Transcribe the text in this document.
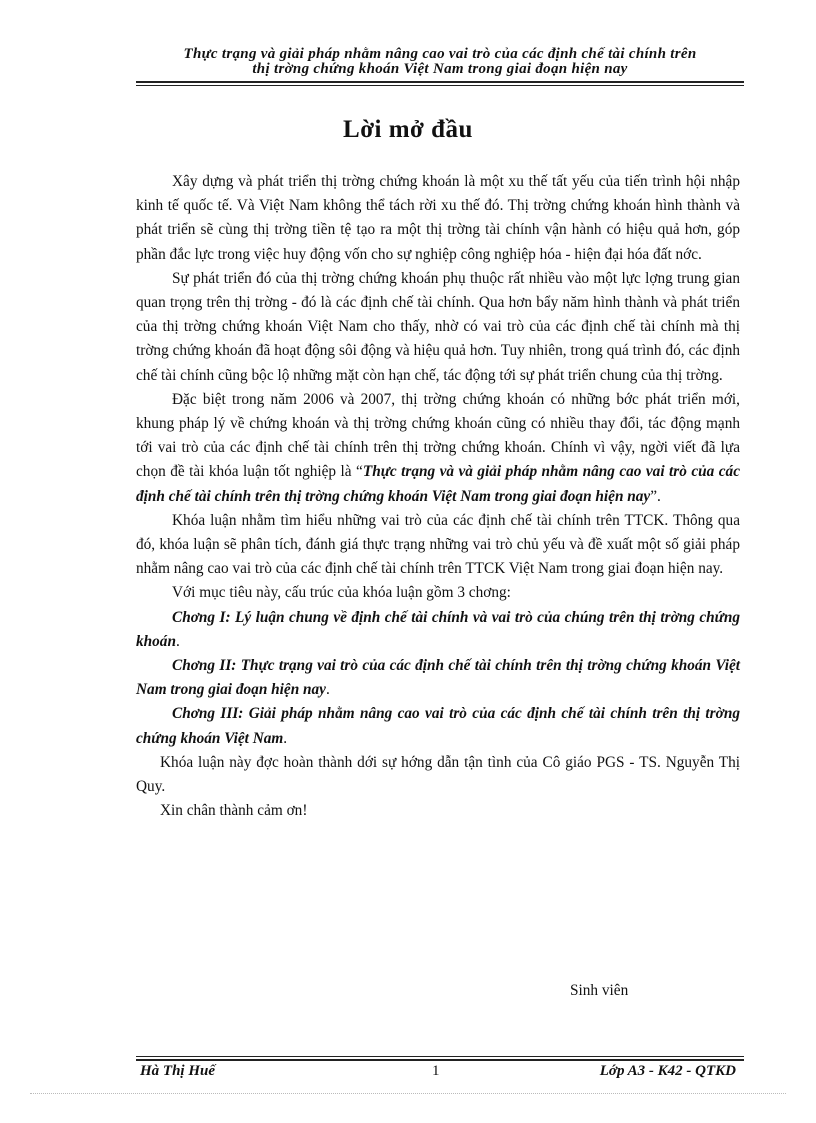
Thực trạng và giải pháp nhằm nâng cao vai trò của các định chế tài chính trên
thị trờng chứng khoán Việt Nam trong giai đoạn hiện nay
Lời mở đầu

Xây dựng và phát triển thị trờng chứng khoán là một xu thế tất yếu của tiến trình hội nhập kinh tế quốc tế. Và Việt Nam không thể tách rời xu thế đó. Thị trờng chứng khoán hình thành và phát triển sẽ cùng thị trờng tiền tệ tạo ra một thị trờng tài chính vận hành có hiệu quả hơn, góp phần đắc lực trong việc huy động vốn cho sự nghiệp công nghiệp hóa - hiện đại hóa đất nớc.

Sự phát triển đó của thị trờng chứng khoán phụ thuộc rất nhiều vào một lực lợng trung gian quan trọng trên thị trờng - đó là các định chế tài chính. Qua hơn bẩy năm hình thành và phát triển của thị trờng chứng khoán Việt Nam cho thấy, nhờ có vai trò của các định chế tài chính mà thị trờng chứng khoán đã hoạt động sôi động và hiệu quả hơn. Tuy nhiên, trong quá trình đó, các định chế tài chính cũng bộc lộ những mặt còn hạn chế, tác động tới sự phát triển chung của thị trờng.

Đặc biệt trong năm 2006 và 2007, thị trờng chứng khoán có những bớc phát triển mới, khung pháp lý về chứng khoán và thị trờng chứng khoán cũng có nhiều thay đổi, tác động mạnh tới vai trò của các định chế tài chính trên thị trờng chứng khoán. Chính vì vậy, ngời viết đã lựa chọn đề tài khóa luận tốt nghiệp là “Thực trạng và và giải pháp nhằm nâng cao vai trò của các định chế tài chính trên thị trờng chứng khoán Việt Nam trong giai đoạn hiện nay”.

Khóa luận nhằm tìm hiểu những vai trò của các định chế tài chính trên TTCK. Thông qua đó, khóa luận sẽ phân tích, đánh giá thực trạng những vai trò chủ yếu và đề xuất một số giải pháp nhằm nâng cao vai trò của các định chế tài chính trên TTCK Việt Nam trong giai đoạn hiện nay.

Với mục tiêu này, cấu trúc của khóa luận gồm 3 chơng:

Chơng I: Lý luận chung về định chế tài chính và vai trò của chúng trên thị trờng chứng khoán.

Chơng II: Thực trạng vai trò của các định chế tài chính trên thị trờng chứng khoán Việt Nam trong giai đoạn hiện nay.

Chơng III: Giải pháp nhằm nâng cao vai trò của các định chế tài chính trên thị trờng chứng khoán Việt Nam.

Khóa luận này đợc hoàn thành dới sự hớng dẫn tận tình của Cô giáo PGS - TS. Nguyễn Thị Quy.

Xin chân thành cảm ơn!

Sinh viên
Hà Thị Huế	1	Lớp A3 - K42 - QTKD
